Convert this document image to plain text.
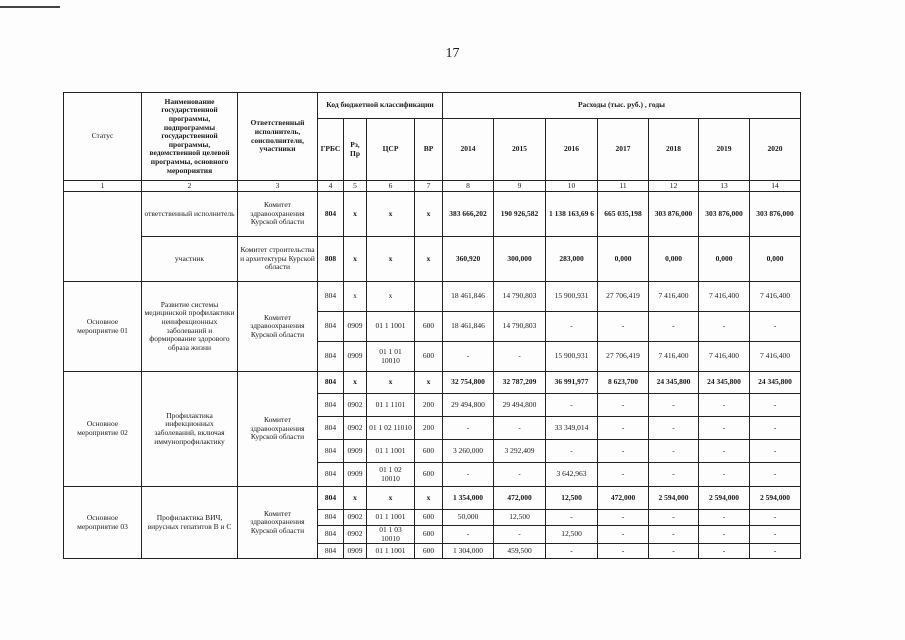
17
Статус	Наименование государственной программы, подпрограммы государственной программы, ведомственной целевой программы, основного мероприятия	Ответственный исполнитель, соисполнители, участники	Код бюджетной классификации				Расходы (тыс. руб.) , годы						
			ГРБС	Рз, Пр	ЦСР	ВР	2014	2015	2016	2017	2018	2019	2020
1	2	3	4	5	6	7	8	9	10	11	12	13	14
	ответственный исполнитель	Комитет здравоохранения Курской области	804	x	x	x	383 666,202	190 926,582	1 138 163,69 6	665 035,198	303 876,000	303 876,000	303 876,000
	участник	Комитет строительства и архитектуры Курской области	808	x	x	x	360,920	300,000	283,000	0,000	0,000	0,000	0,000
Основное мероприятие 01	Развитие системы медицинской профилактики неинфекционных заболеваний и формирование здорового образа жизни	Комитет здравоохранения Курской области	804	x	x		18 461,846	14 790,803	15 900,931	27 706,419	7 416,400	7 416,400	7 416,400
			804	0909	01 1 1001	600	18 461,846	14 790,803	-	-	-	-	-
			804	0909	01 1 01 10010	600	-	-	15 900,931	27 706,419	7 416,400	7 416,400	7 416,400
Основное мероприятие 02	Профилактика инфекционных заболеваний, включая иммунопрофилактику	Комитет здравоохранения Курской области	804	x	x	x	32 754,800	32 787,209	36 991,977	8 623,700	24 345,800	24 345,800	24 345,800
			804	0902	01 1 1101	200	29 494,800	29 494,800	-	-	-	-	-
			804	0902	01 1 02 11010	200	-	-	33 349,014	-	-	-	-
			804	0909	01 1 1001	600	3 260,000	3 292,409	-	-	-	-	-
			804	0909	01 1 02 10010	600	-	-	3 642,963	-	-	-	-
Основное мероприятие 03	Профилактика ВИЧ, вирусных гепатитов В и С	Комитет здравоохранения Курской области	804	x	x	x	1 354,000	472,000	12,500	472,000	2 594,000	2 594,000	2 594,000
			804	0902	01 1 1001	600	50,000	12,500	-	-	-	-	-
			804	0902	01 1 03 10010	600	-	-	12,500	-	-	-	-
			804	0909	01 1 1001	600	1 304,000	459,500	-	-	-	-	-
